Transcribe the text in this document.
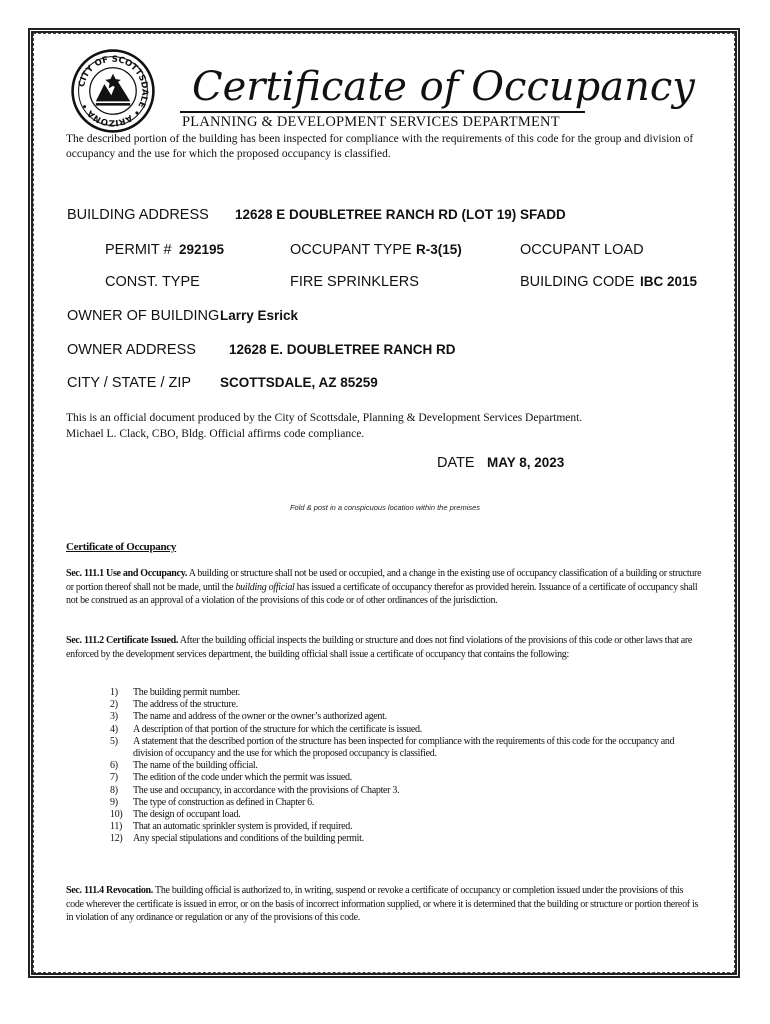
CITY OF SCOTTSDALE • ARIZONA •	Certificate of Occupancy
PLANNING & DEVELOPMENT SERVICES DEPARTMENT
The described portion of the building has been inspected for compliance with the requirements of this code for the group and division of occupancy and the use for which the proposed occupancy is classified.
BUILDING ADDRESS 12628 E DOUBLETREE RANCH RD (LOT 19) SFADD
PERMIT # 292195	OCCUPANT TYPE R-3(15)	OCCUPANT LOAD
CONST. TYPE	FIRE SPRINKLERS	BUILDING CODE IBC 2015
OWNER OF BUILDING Larry Esrick
OWNER ADDRESS 12628 E. DOUBLETREE RANCH RD
CITY / STATE / ZIP SCOTTSDALE, AZ 85259
This is an official document produced by the City of Scottsdale, Planning & Development Services Department.
Michael L. Clack, CBO, Bldg. Official affirms code compliance.
DATE MAY 8, 2023
Fold & post in a conspicuous location within the premises
Certificate of Occupancy
Sec. 111.1 Use and Occupancy. A building or structure shall not be used or occupied, and a change in the existing use of occupancy classification of a building or structure or portion thereof shall not be made, until the building official has issued a certificate of occupancy therefor as provided herein. Issuance of a certificate of occupancy shall not be construed as an approval of a violation of the provisions of this code or of other ordinances of the jurisdiction.
Sec. 111.2 Certificate Issued. After the building official inspects the building or structure and does not find violations of the provisions of this code or other laws that are enforced by the development services department, the building official shall issue a certificate of occupancy that contains the following:
1)	The building permit number.
2)	The address of the structure.
3)	The name and address of the owner or the owner’s authorized agent.
4)	A description of that portion of the structure for which the certificate is issued.
5)	A statement that the described portion of the structure has been inspected for compliance with the requirements of this code for the occupancy and division of occupancy and the use for which the proposed occupancy is classified.
6)	The name of the building official.
7)	The edition of the code under which the permit was issued.
8)	The use and occupancy, in accordance with the provisions of Chapter 3.
9)	The type of construction as defined in Chapter 6.
10)	The design of occupant load.
11)	That an automatic sprinkler system is provided, if required.
12)	Any special stipulations and conditions of the building permit.
Sec. 111.4 Revocation. The building official is authorized to, in writing, suspend or revoke a certificate of occupancy or completion issued under the provisions of this code wherever the certificate is issued in error, or on the basis of incorrect information supplied, or where it is determined that the building or structure or portion thereof is in violation of any ordinance or regulation or any of the provisions of this code.
